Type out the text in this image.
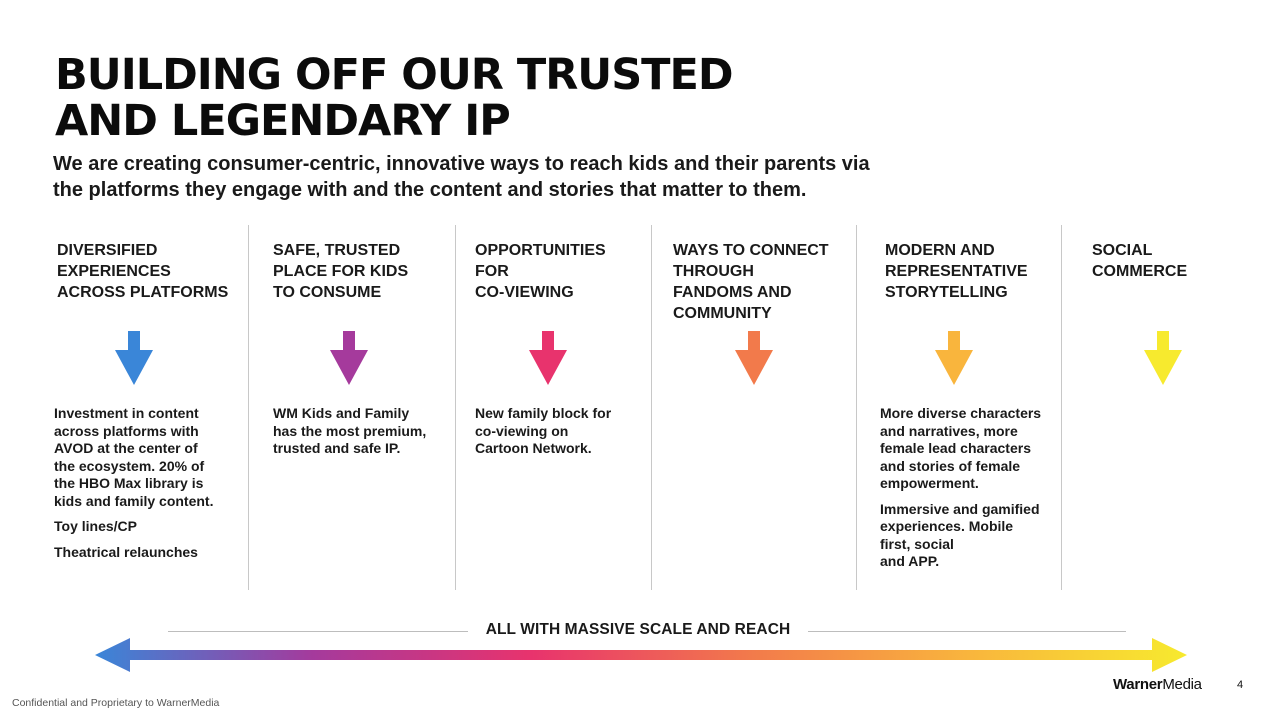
BUILDING OFF OUR TRUSTED
AND LEGENDARY IP
We are creating consumer-centric, innovative ways to reach kids and their parents via
the platforms they engage with and the content and stories that matter to them.
DIVERSIFIED
EXPERIENCES
ACROSS PLATFORMS

Investment in content
across platforms with
AVOD at the center of
the ecosystem. 20% of
the HBO Max library is
kids and family content.

Toy lines/CP

Theatrical relaunches

SAFE, TRUSTED
PLACE FOR KIDS
TO CONSUME

WM Kids and Family
has the most premium,
trusted and safe IP.

OPPORTUNITIES
FOR
CO-VIEWING

New family block for
co-viewing on
Cartoon Network.

WAYS TO CONNECT
THROUGH
FANDOMS AND
COMMUNITY
MODERN AND
REPRESENTATIVE
STORYTELLING

More diverse characters
and narratives, more
female lead characters
and stories of female
empowerment.

Immersive and gamified
experiences. Mobile
first, social
and APP.

SOCIAL
COMMERCE
ALL WITH MASSIVE SCALE AND REACH
Confidential and Proprietary to WarnerMedia
WarnerMedia	4
